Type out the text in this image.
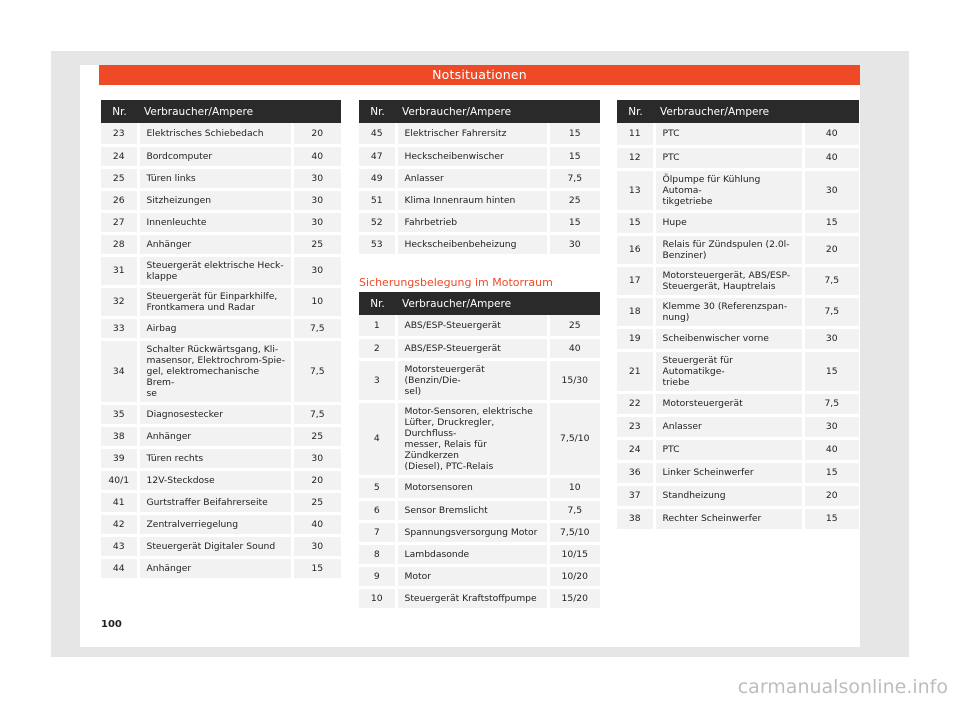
Notsituationen
Nr.	Verbraucher/Ampere	
23	Elektrisches Schiebedach	20
24	Bordcomputer	40
25	Türen links	30
26	Sitzheizungen	30
27	Innenleuchte	30
28	Anhänger	25
31	Steuergerät elektrische Heck-
klappe	30
32	Steuergerät für Einparkhilfe,
Frontkamera und Radar	10
33	Airbag	7,5
34	Schalter Rückwärtsgang, Kli-
masensor, Elektrochrom-Spie-
gel, elektromechanische Brem-
se	7,5
35	Diagnosestecker	7,5
38	Anhänger	25
39	Türen rechts	30
40/1	12V-Steckdose	20
41	Gurtstraffer Beifahrerseite	25
42	Zentralverriegelung	40
43	Steuergerät Digitaler Sound	30
44	Anhänger	15
Nr.	Verbraucher/Ampere	
45	Elektrischer Fahrersitz	15
47	Heckscheibenwischer	15
49	Anlasser	7,5
51	Klima Innenraum hinten	25
52	Fahrbetrieb	15
53	Heckscheibenbeheizung	30
Sicherungsbelegung im Motorraum
Nr.	Verbraucher/Ampere	
1	ABS/ESP-Steuergerät	25
2	ABS/ESP-Steuergerät	40
3	Motorsteuergerät (Benzin/Die-
sel)	15/30
4	Motor-Sensoren, elektrische
Lüfter, Druckregler, Durchfluss-
messer, Relais für Zündkerzen
(Diesel), PTC-Relais	7,5/10
5	Motorsensoren	10
6	Sensor Bremslicht	7,5
7	Spannungsversorgung Motor	7,5/10
8	Lambdasonde	10/15
9	Motor	10/20
10	Steuergerät Kraftstoffpumpe	15/20
Nr.	Verbraucher/Ampere	
11	PTC	40
12	PTC	40
13	Ölpumpe für Kühlung Automa-
tikgetriebe	30
15	Hupe	15
16	Relais für Zündspulen (2.0l-
Benziner)	20
17	Motorsteuergerät, ABS/ESP-
Steuergerät, Hauptrelais	7,5
18	Klemme 30 (Referenzspan-
nung)	7,5
19	Scheibenwischer vorne	30
21	Steuergerät für Automatikge-
triebe	15
22	Motorsteuergerät	7,5
23	Anlasser	30
24	PTC	40
36	Linker Scheinwerfer	15
37	Standheizung	20
38	Rechter Scheinwerfer	15
100
carmanualsonline.info
